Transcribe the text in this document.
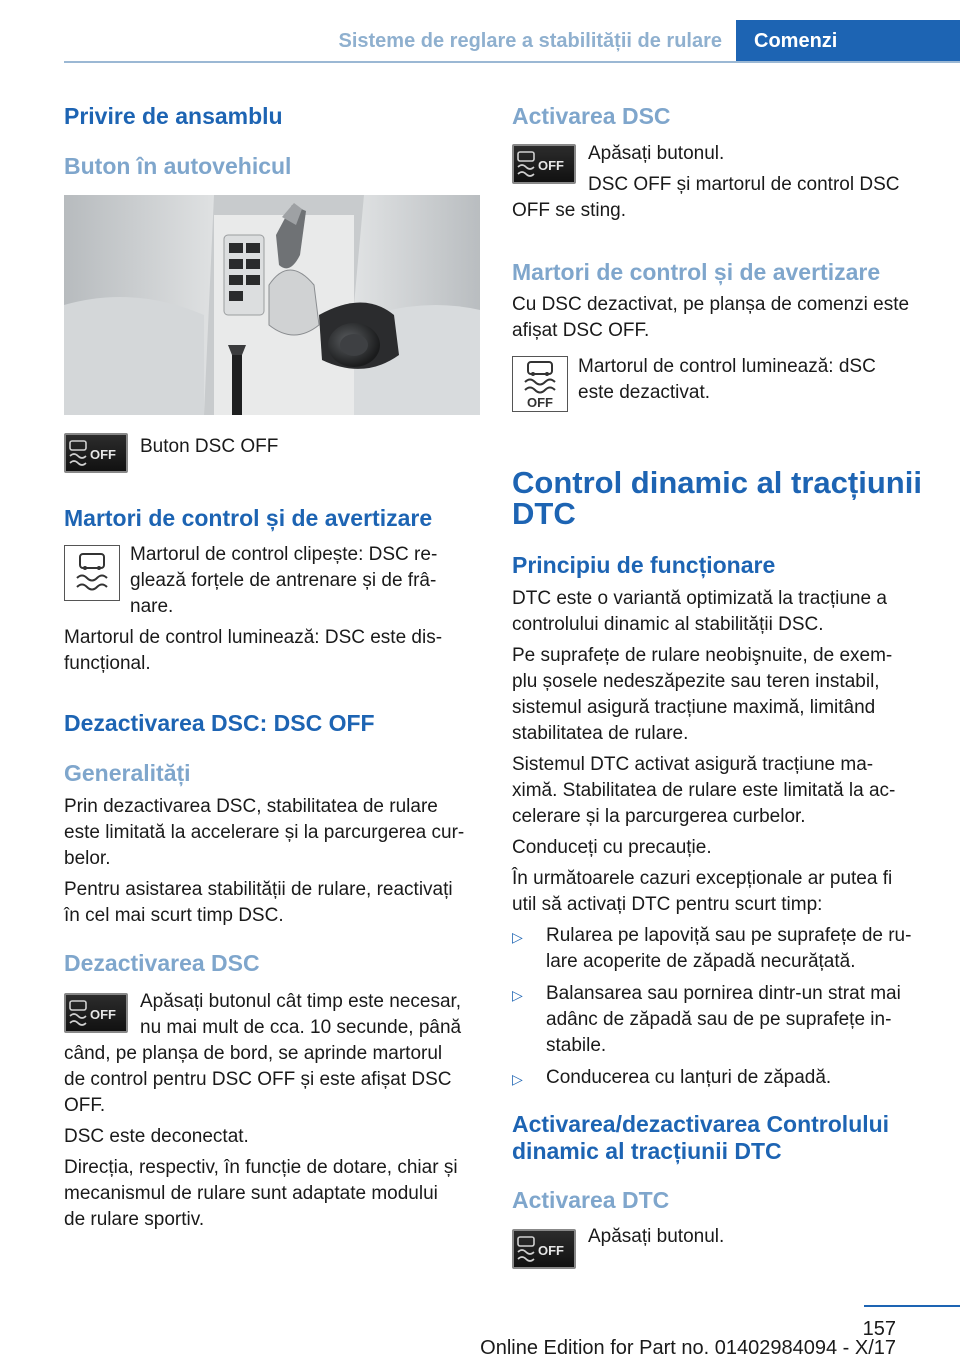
Sisteme de reglare a stabilității de rulare	Comenzi
Privire de ansamblu
Buton în autovehicul
OFF Buton DSC OFF
Martori de control și de avertizare
Martorul de control clipește: DSC re-
glează forțele de antrenare și de frâ-
nare.
Martorul de control luminează: DSC este dis-
funcțional.
Dezactivarea DSC: DSC OFF
Generalități
Prin dezactivarea DSC, stabilitatea de rulare
este limitată la accelerare și la parcurgerea cur-
belor.
Pentru asistarea stabilității de rulare, reactivați
în cel mai scurt timp DSC.
Dezactivarea DSC
OFF
Apăsați butonul cât timp este necesar,
nu mai mult de cca. 10 secunde, până
când, pe planșa de bord, se aprinde martorul
de control pentru DSC OFF și este afișat DSC
OFF.
DSC este deconectat.
Direcția, respectiv, în funcție de dotare, chiar și
mecanismul de rulare sunt adaptate modului
de rulare sportiv.
Activarea DSC
OFF
Apăsați butonul.
DSC OFF și martorul de control DSC
OFF se sting.
Martori de control și de avertizare
Cu DSC dezactivat, pe planșa de comenzi este
afișat DSC OFF.
OFF
Martorul de control luminează: dSC
este dezactivat.
Control dinamic al tracțiunii
DTC
Principiu de funcționare
DTC este o variantă optimizată la tracțiune a
controlului dinamic al stabilității DSC.
Pe suprafețe de rulare neobişnuite, de exem-
plu șosele nedeszăpezite sau teren instabil,
sistemul asigură tracțiune maximă, limitând
stabilitatea de rulare.
Sistemul DTC activat asigură tracțiune ma-
ximă. Stabilitatea de rulare este limitată la ac-
celerare și la parcurgerea curbelor.
Conduceți cu precauție.
În următoarele cazuri excepționale ar putea fi
util să activați DTC pentru scurt timp:
▷ Rularea pe lapoviță sau pe suprafețe de ru-
lare acoperite de zăpadă necurățată.
▷ Balansarea sau pornirea dintr-un strat mai
adânc de zăpadă sau de pe suprafețe in-
stabile.
▷ Conducerea cu lanțuri de zăpadă.
Activarea/dezactivarea Controlului
dinamic al tracțiunii DTC
Activarea DTC
OFF
Apăsați butonul.
157
Online Edition for Part no. 01402984094 - X/17
